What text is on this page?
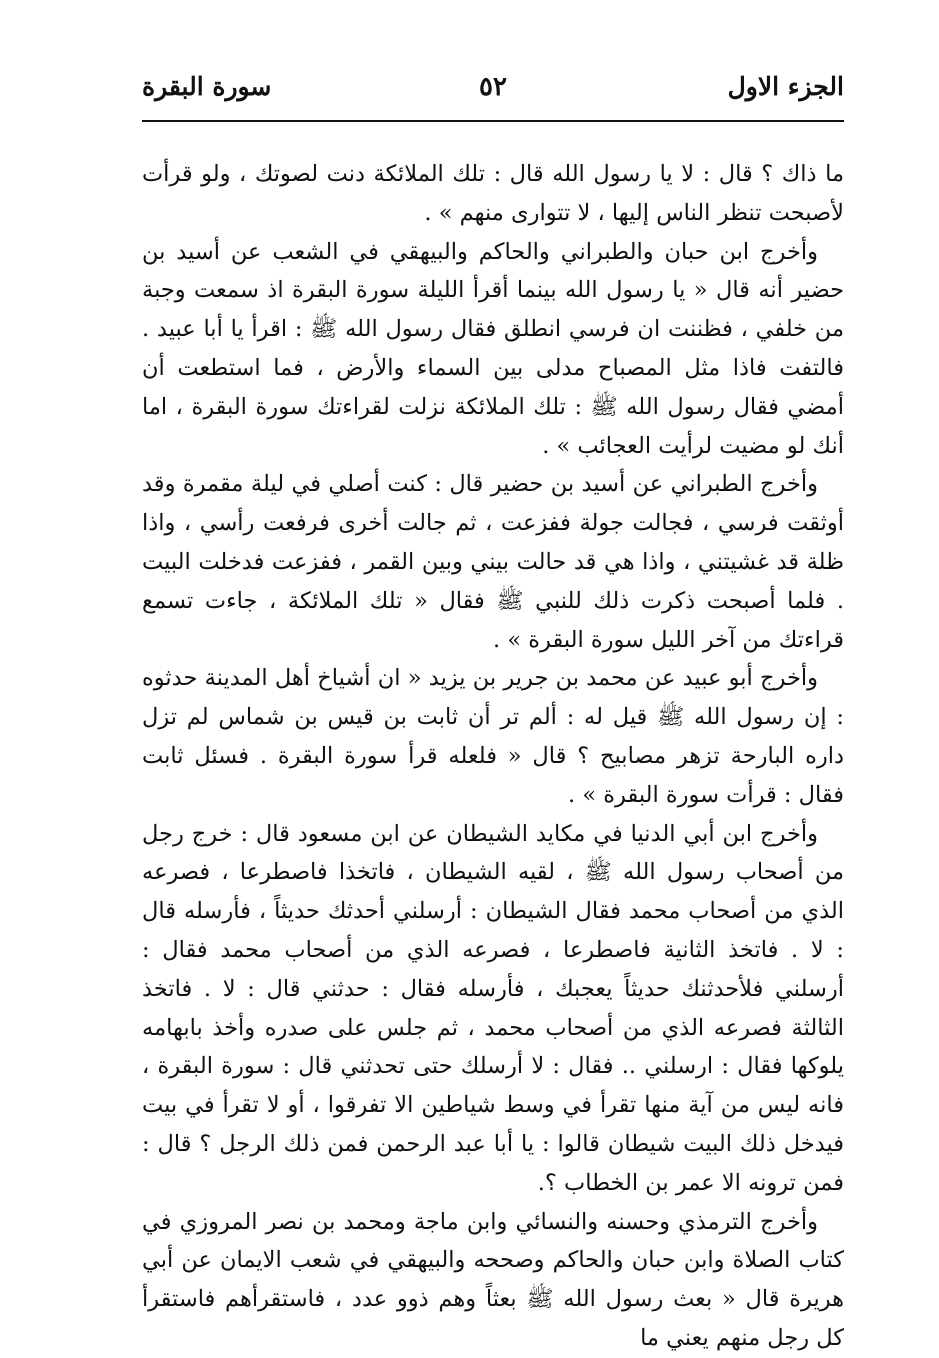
الجزء الاول
٥٢
سورة البقرة

ما ذاك ؟ قال : لا يا رسول الله قال : تلك الملائكة دنت لصوتك ، ولو قرأت لأصبحت تنظر الناس إليها ، لا تتوارى منهم » .

وأخرج ابن حبان والطبراني والحاكم والبيهقي في الشعب عن أسيد بن حضير أنه قال « يا رسول الله بينما أقرأ الليلة سورة البقرة اذ سمعت وجبة من خلفي ، فظننت ان فرسي انطلق فقال رسول الله ﷺ : اقرأ يا أبا عبيد . فالتفت فاذا مثل المصباح مدلى بين السماء والأرض ، فما استطعت أن أمضي فقال رسول الله ﷺ : تلك الملائكة نزلت لقراءتك سورة البقرة ، اما أنك لو مضيت لرأيت العجائب » .

وأخرج الطبراني عن أسيد بن حضير قال : كنت أصلي في ليلة مقمرة وقد أوثقت فرسي ، فجالت جولة ففزعت ، ثم جالت أخرى فرفعت رأسي ، واذا ظلة قد غشيتني ، واذا هي قد حالت بيني وبين القمر ، ففزعت فدخلت البيت . فلما أصبحت ذكرت ذلك للنبي ﷺ فقال « تلك الملائكة ، جاءت تسمع قراءتك من آخر الليل سورة البقرة » .

وأخرج أبو عبيد عن محمد بن جرير بن يزيد « ان أشياخ أهل المدينة حدثوه : إن رسول الله ﷺ قيل له : ألم تر أن ثابت بن قيس بن شماس لم تزل داره البارحة تزهر مصابيح ؟ قال « فلعله قرأ سورة البقرة . فسئل ثابت فقال : قرأت سورة البقرة » .

وأخرج ابن أبي الدنيا في مكايد الشيطان عن ابن مسعود قال : خرج رجل من أصحاب رسول الله ﷺ ، لقيه الشيطان ، فاتخذا فاصطرعا ، فصرعه الذي من أصحاب محمد فقال الشيطان : أرسلني أحدثك حديثاً ، فأرسله قال : لا . فاتخذ الثانية فاصطرعا ، فصرعه الذي من أصحاب محمد فقال : أرسلني فلأحدثنك حديثاً يعجبك ، فأرسله فقال : حدثني قال : لا . فاتخذ الثالثة فصرعه الذي من أصحاب محمد ، ثم جلس على صدره وأخذ بابهامه يلوكها فقال : ارسلني .. فقال : لا أرسلك حتى تحدثني قال : سورة البقرة ، فانه ليس من آية منها تقرأ في وسط شياطين الا تفرقوا ، أو لا تقرأ في بيت فيدخل ذلك البيت شيطان قالوا : يا أبا عبد الرحمن فمن ذلك الرجل ؟ قال : فمن ترونه الا عمر بن الخطاب ؟.

وأخرج الترمذي وحسنه والنسائي وابن ماجة ومحمد بن نصر المروزي في كتاب الصلاة وابن حبان والحاكم وصححه والبيهقي في شعب الايمان عن أبي هريرة قال « بعث رسول الله ﷺ بعثاً وهم ذوو عدد ، فاستقرأهم فاستقرأ كل رجل منهم يعني ما
